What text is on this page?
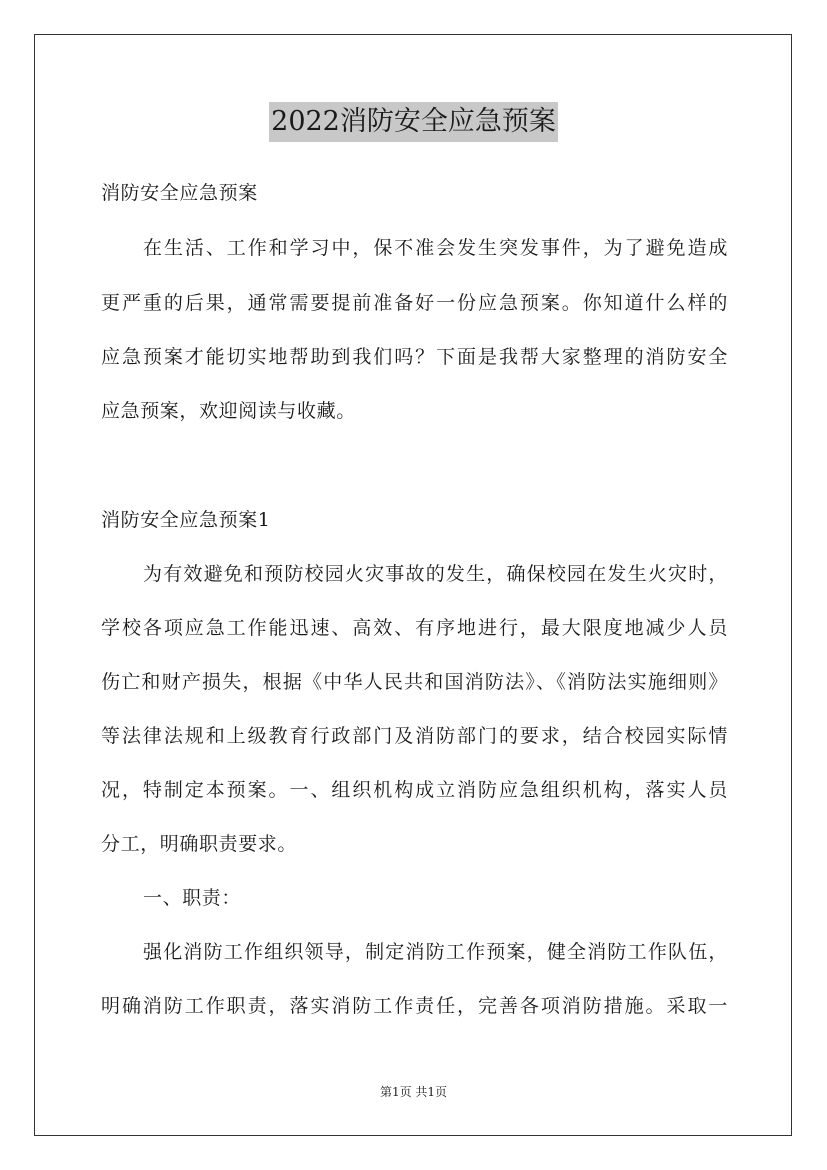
2022消防安全应急预案
消防安全应急预案
在生活、工作和学习中，保不准会发生突发事件，为了避免造成
更严重的后果，通常需要提前准备好一份应急预案。你知道什么样的
应急预案才能切实地帮助到我们吗？下面是我帮大家整理的消防安全
应急预案，欢迎阅读与收藏。
消防安全应急预案1
为有效避免和预防校园火灾事故的发生，确保校园在发生火灾时，
学校各项应急工作能迅速、高效、有序地进行，最大限度地减少人员
伤亡和财产损失，根据《中华人民共和国消防法》、《消防法实施细则》
等法律法规和上级教育行政部门及消防部门的要求，结合校园实际情
况，特制定本预案。一、组织机构成立消防应急组织机构，落实人员
分工，明确职责要求。
一、职责：
强化消防工作组织领导，制定消防工作预案，健全消防工作队伍，
明确消防工作职责，落实消防工作责任，完善各项消防措施。采取一
第1页 共1页
